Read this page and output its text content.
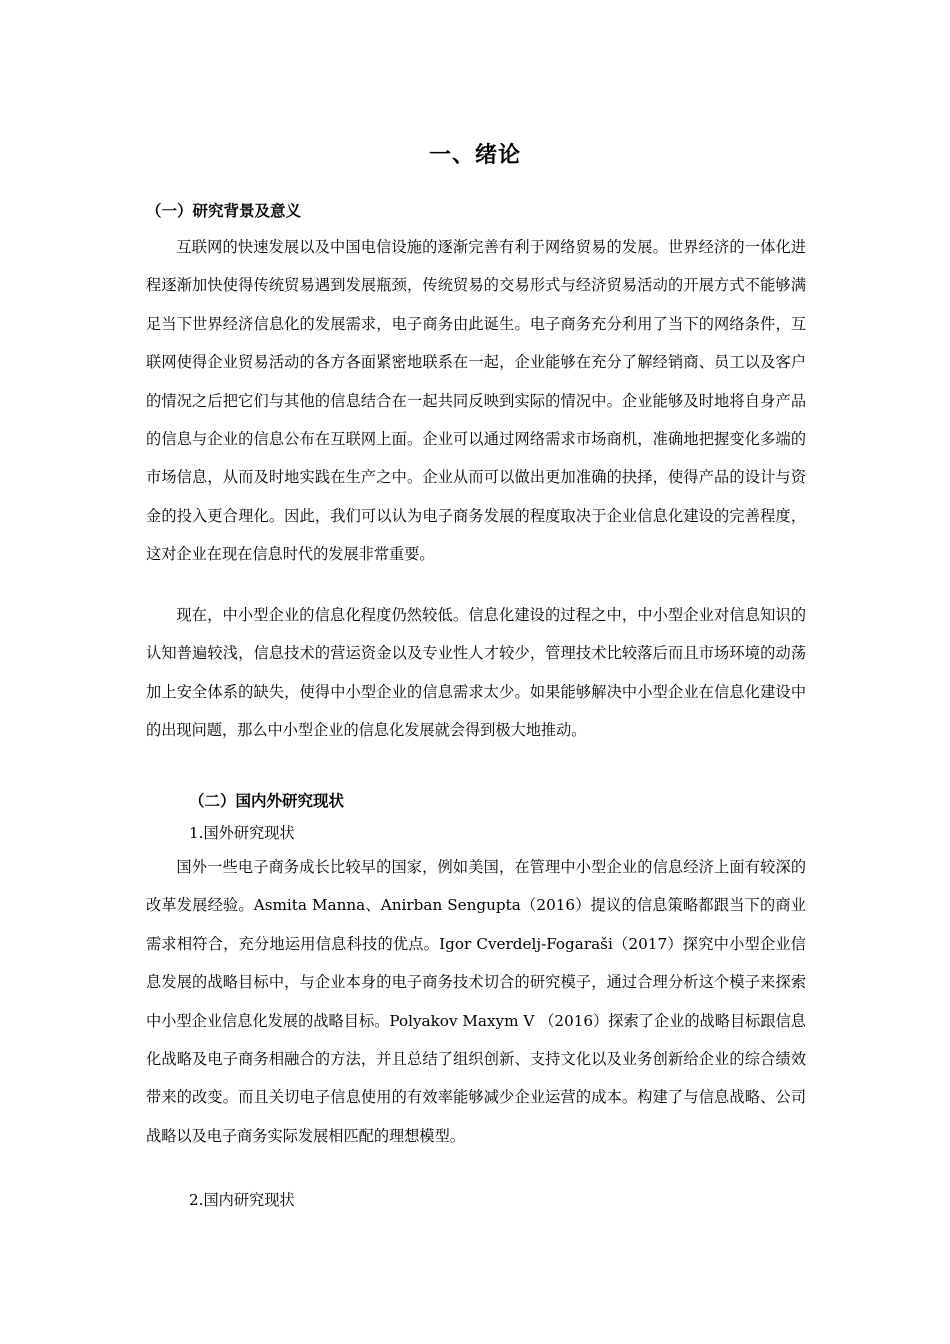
一、绪论
（一）研究背景及意义
互联网的快速发展以及中国电信设施的逐渐完善有利于网络贸易的发展。世界经济的一体化进程逐渐加快使得传统贸易遇到发展瓶颈，传统贸易的交易形式与经济贸易活动的开展方式不能够满足当下世界经济信息化的发展需求，电子商务由此诞生。电子商务充分利用了当下的网络条件，互联网使得企业贸易活动的各方各面紧密地联系在一起，企业能够在充分了解经销商、员工以及客户的情况之后把它们与其他的信息结合在一起共同反映到实际的情况中。企业能够及时地将自身产品的信息与企业的信息公布在互联网上面。企业可以通过网络需求市场商机，准确地把握变化多端的市场信息，从而及时地实践在生产之中。企业从而可以做出更加准确的抉择，使得产品的设计与资金的投入更合理化。因此，我们可以认为电子商务发展的程度取决于企业信息化建设的完善程度，这对企业在现在信息时代的发展非常重要。
现在，中小型企业的信息化程度仍然较低。信息化建设的过程之中，中小型企业对信息知识的认知普遍较浅，信息技术的营运资金以及专业性人才较少，管理技术比较落后而且市场环境的动荡加上安全体系的缺失，使得中小型企业的信息需求太少。如果能够解决中小型企业在信息化建设中的出现问题，那么中小型企业的信息化发展就会得到极大地推动。
（二）国内外研究现状
1.国外研究现状
国外一些电子商务成长比较早的国家，例如美国，在管理中小型企业的信息经济上面有较深的改革发展经验。Asmita Manna、Anirban Sengupta（2016）提议的信息策略都跟当下的商业需求相符合，充分地运用信息科技的优点。Igor Cverdelj-Fogaraši（2017）探究中小型企业信息发展的战略目标中，与企业本身的电子商务技术切合的研究模子，通过合理分析这个模子来探索中小型企业信息化发展的战略目标。Polyakov Maxym V （2016）探索了企业的战略目标跟信息化战略及电子商务相融合的方法，并且总结了组织创新、支持文化以及业务创新给企业的综合绩效带来的改变。而且关切电子信息使用的有效率能够减少企业运营的成本。构建了与信息战略、公司战略以及电子商务实际发展相匹配的理想模型。
2.国内研究现状
